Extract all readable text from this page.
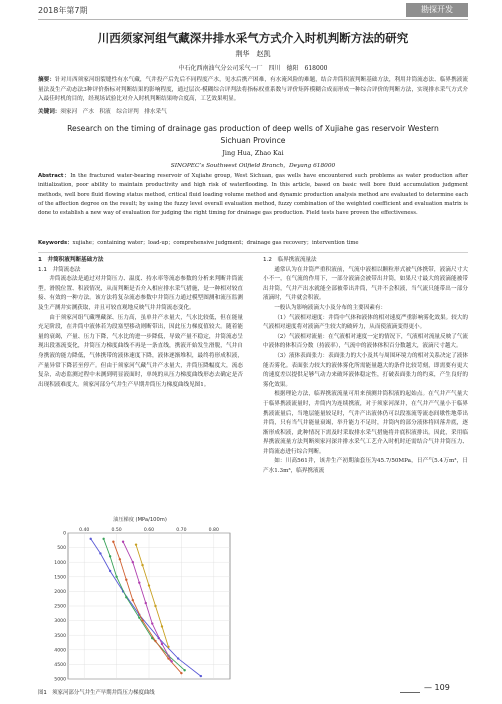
2018年第7期	勘探开发
川西须家河组气藏深井排水采气方式介入时机判断方法的研究
荆华　赵凯
中石化西南油气分公司采气一厂　四川　德阳　618000
摘要：针对川西须家河组裂缝性有水气藏，气井投产后先后不同程度产水，见水后携产困难，有水淹风险的难题，结合井筒积液判断基础方法，利用井筒流态法、临界携液流量法及生产动态法3种评价指标对判断结果的影响程度，通过层次-模糊综合评判法将指标权重系数与评价矩阵模糊合成而形成一种综合评价的判断方法，实现排水采气方式介入最佳时机的目的，经现场试验比对介入时机判断结果吻合度高，工艺效果明显。
关键词：须家河　产水　积液　综合评判　排水采气
Research on the timing of drainage gas production of deep wells of Xujiahe gas reservoir Western
Sichuan Province
Jing Hua, Zhao Kai
SINOPEC’s Southwest Oilfield Branch，Deyang 618000
Abstract：In the fractured water-bearing reservoir of Xujiahe group, West Sichuan, gas wells have encountered such problems as water production after initialization, poor ability to maintain productivity and high risk of waterflooding. In this article, based on basic well bore fluid accumulation judgment methods, well bore fluid flowing status method, critical fluid loading volume method and dynamic production analysis method are evaluated to determine each of the affection degree on the result; by using the fuzzy level overall evaluation method, fuzzy combination of the weighted coefficient and evaluation matrix is done to establish a new way of evaluation for judging the right timing for drainage gas production. Field tests have proven the effectiveness.
Keywords：xujiahe；containing water；load-up；comprehensive judgment；drainage gas recovery；intervention time

1　井筒积液判断基础方法

1.1　井筒流态法

井筒流态法是通过对井筒压力、温度、持水率等流态参数的分析来判断井筒流型。滑脱位置、积液情况，从而判断是否介入相应排水采气措施，是一种相对较直接、有效的一种方法。该方法将复杂流态参数中井筒压力通过模型图测和流压监测及生产测井实测获取，并且可较直观地反映气井井筒流态变化。

由于须家河组气藏埋藏深、压力高，虽单井产水量大，气水比较低，但在能量充足阶段，在井筒中液体若为段塞型移动则断带出，因此压力梯度值较大。随着能量的衰竭，产量、压力下降，气水比的进一步降低，导致产量不稳定，井筒流态呈现出段塞流变化，井筒压力梯度曲线不再是一条直线，携液开始发生滑脱，气井自身携液的能力降低，气体携带的液体速度下降，液体逐渐堆积，最终将形成积液，产量异常下降甚至停产。但由于须家河气藏气井产水量大，井筒压降幅度大，流态复杂，动态监测过程中未测到明显液面时，单纯的从压力梯度曲线形态去确定是否出现积液难度大。须家河部分气井生产早期井筒压力梯度曲线见图1。

1.2　临界携液流量法

通常认为在井筒严重积液前，气流中液相以颗粒形式被气体携带，液滴尺寸大小不一，在气流的作用下，一部分液滴会被带出井筒，如果尺寸最大的液滴能被带出井筒，气井产出水就能全部被带出井筒，气井不会积液，当气流只能带出一部分液滴时，气井就会积液。

一般认为影响液滴大小及分布的主要因素有：

（1）气液相对速度：井筒中气体和液体的相对速度严重影响雾化效果。较大的气液相对速度将对液滴产生较大的破碎力，从而使液滴变得更小。

（2）气液相对流量：在气液相对速度一定的情况下，气液相对流量反映了气流中液体的体积百分数（持液率），气流中的液体体积百分数越大，液滴尺寸越大。

（3）液体表面张力：表面张力的大小及其与周围环境力的相对关系决定了液体能否雾化。表面张力较大的液体雾化所需能量越大的条件比较苛刻，即需要有更大的速度差以提供足够气动力来破坏液体稳定性，打破表面张力的约束，产生良好的雾化效果。

根据理论方法，临界携液流量可用来预测井筒积液的起始点。在气井产气量大于临界携液流量时，井筒内为连续携液，对于须家河深井，在气井产气量小于临界携液流量后，当地层能量较足时，气井产出液体仍可以段塞流等流态间歇性地带出井筒，只有当气井能量衰竭，举升能力不足时，井筒内的部分液体将回落井底，逐渐形成积液，此种情况下需及时采取排水采气措施将井底积液排出。因此，采用临界携液流量方法判断须家河深井排水采气工艺介入时机时还需结合气井井筒压力、井筒流态进行综合判断。

如：川高561井，该井生产初期油套压为45.7/50MPa，日产气5.4万m³，日产水1.3m³，临界携液流

油压梯度 (MPa/100m)
0.40	0.50	0.60	0.70	0.80
0
500
1000
1500
2000
2500
3000
3500
4000
4500
5000
图1　 须家河部分气井生产早期井筒压力梯度曲线
— 109
